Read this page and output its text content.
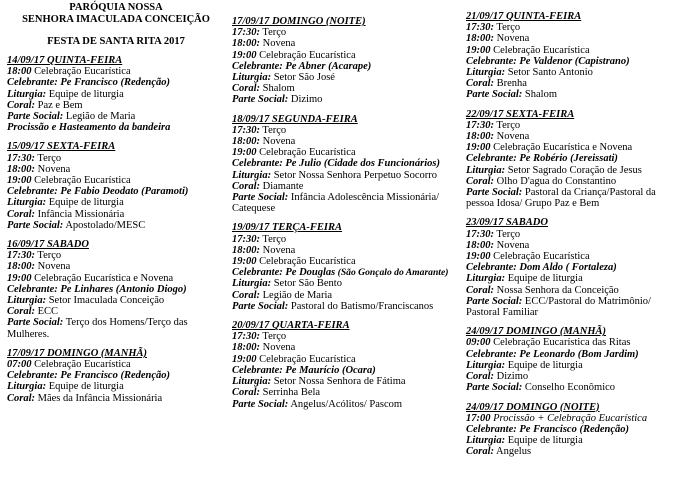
PARÓQUIA NOSSA
SENHORA IMACULADA CONCEIÇÃO
FESTA DE SANTA RITA 2017
14/09/17 QUINTA-FEIRA
18:00 Celebração Eucarística
Celebrante: Pe Francisco (Redenção)
Liturgia: Equipe de liturgia
Coral: Paz e Bem
Parte Social: Legião de Maria
Procissão e Hasteamento da bandeira
15/09/17 SEXTA-FEIRA
17:30: Terço
18:00: Novena
19:00 Celebração Eucarística
Celebrante: Pe Fabio Deodato (Paramoti)
Liturgia: Equipe de liturgia
Coral: Infância Missionária
Parte Social: Apostolado/MESC
16/09/17 SABADO
17:30: Terço
18:00: Novena
19:00 Celebração Eucarística e Novena
Celebrante: Pe Linhares (Antonio Diogo)
Liturgia: Setor Imaculada Conceição
Coral: ECC
Parte Social: Terço dos Homens/Terço das Mulheres.
17/09/17 DOMINGO (MANHÃ)
07:00 Celebração Eucarística
Celebrante: Pe Francisco (Redenção)
Liturgia: Equipe de liturgia
Coral: Mães da Infância Missionária
17/09/17 DOMINGO (NOITE)
17:30: Terço
18:00: Novena
19:00 Celebração Eucarística
Celebrante: Pe Abner (Acarape)
Liturgia: Setor São José
Coral: Shalom
Parte Social: Dizimo
18/09/17 SEGUNDA-FEIRA
17:30: Terço
18:00: Novena
19:00 Celebração Eucarística
Celebrante: Pe Julio (Cidade dos Funcionários)
Liturgia: Setor Nossa Senhora Perpetuo Socorro
Coral: Diamante
Parte Social: Infância Adolescência Missionária/ Catequese
19/09/17 TERÇA-FEIRA
17:30: Terço
18:00: Novena
19:00 Celebração Eucarística
Celebrante: Pe Douglas (São Gonçalo do Amarante)
Liturgia: Setor São Bento
Coral: Legião de Maria
Parte Social: Pastoral do Batismo/Franciscanos
20/09/17 QUARTA-FEIRA
17:30: Terço
18:00: Novena
19:00 Celebração Eucarística
Celebrante: Pe Maurício (Ocara)
Liturgia: Setor Nossa Senhora de Fátima
Coral: Serrinha Bela
Parte Social: Angelus/Acólitos/ Pascom
21/09/17 QUINTA-FEIRA
17:30: Terço
18:00: Novena
19:00 Celebração Eucarística
Celebrante: Pe Valdenor (Capistrano)
Liturgia: Setor Santo Antonio
Coral: Brenha
Parte Social: Shalom
22/09/17 SEXTA-FEIRA
17:30: Terço
18:00: Novena
19:00 Celebração Eucarística e Novena
Celebrante: Pe Robério (Jereissati)
Liturgia: Setor Sagrado Coração de Jesus
Coral: Olho D'agua do Constantino
Parte Social: Pastoral da Criança/Pastoral da pessoa Idosa/ Grupo Paz e Bem
23/09/17 SABADO
17:30: Terço
18:00: Novena
19:00 Celebração Eucarística
Celebrante: Dom Aldo ( Fortaleza)
Liturgia: Equipe de liturgia
Coral: Nossa Senhora da Conceição
Parte Social: ECC/Pastoral do Matrimônio/ Pastoral Familiar
24/09/17 DOMINGO (MANHÃ)
09:00 Celebração Eucarística das Ritas
Celebrante: Pe Leonardo (Bom Jardim)
Liturgia: Equipe de liturgia
Coral: Dizimo
Parte Social: Conselho Econômico
24/09/17 DOMINGO (NOITE)
17:00 Procissão + Celebração Eucarística
Celebrante: Pe Francisco (Redenção)
Liturgia: Equipe de liturgia
Coral: Angelus
